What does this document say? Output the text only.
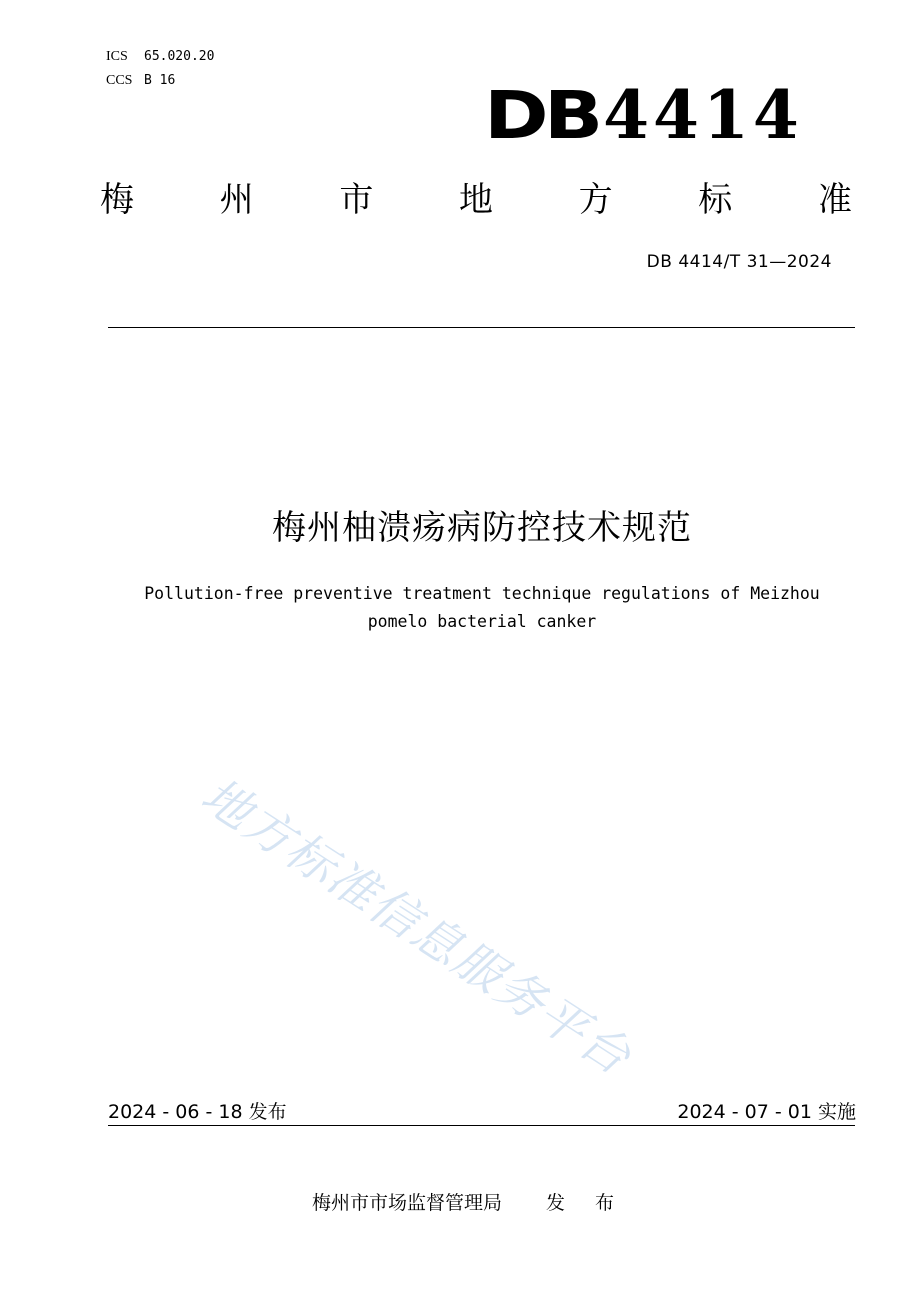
ICS	65.020.20
CCS B 16	DB4414
梅	州	市	地	方	标	准
DB 4414/T 31—2024
梅州柚溃疡病防控技术规范
Pollution-free preventive treatment technique regulations of Meizhou
pomelo bacterial canker
地方标准信息服务平台
2024 - 06 - 18 发布	2024 - 07 - 01 实施
梅州市市场监督管理局 发 布
